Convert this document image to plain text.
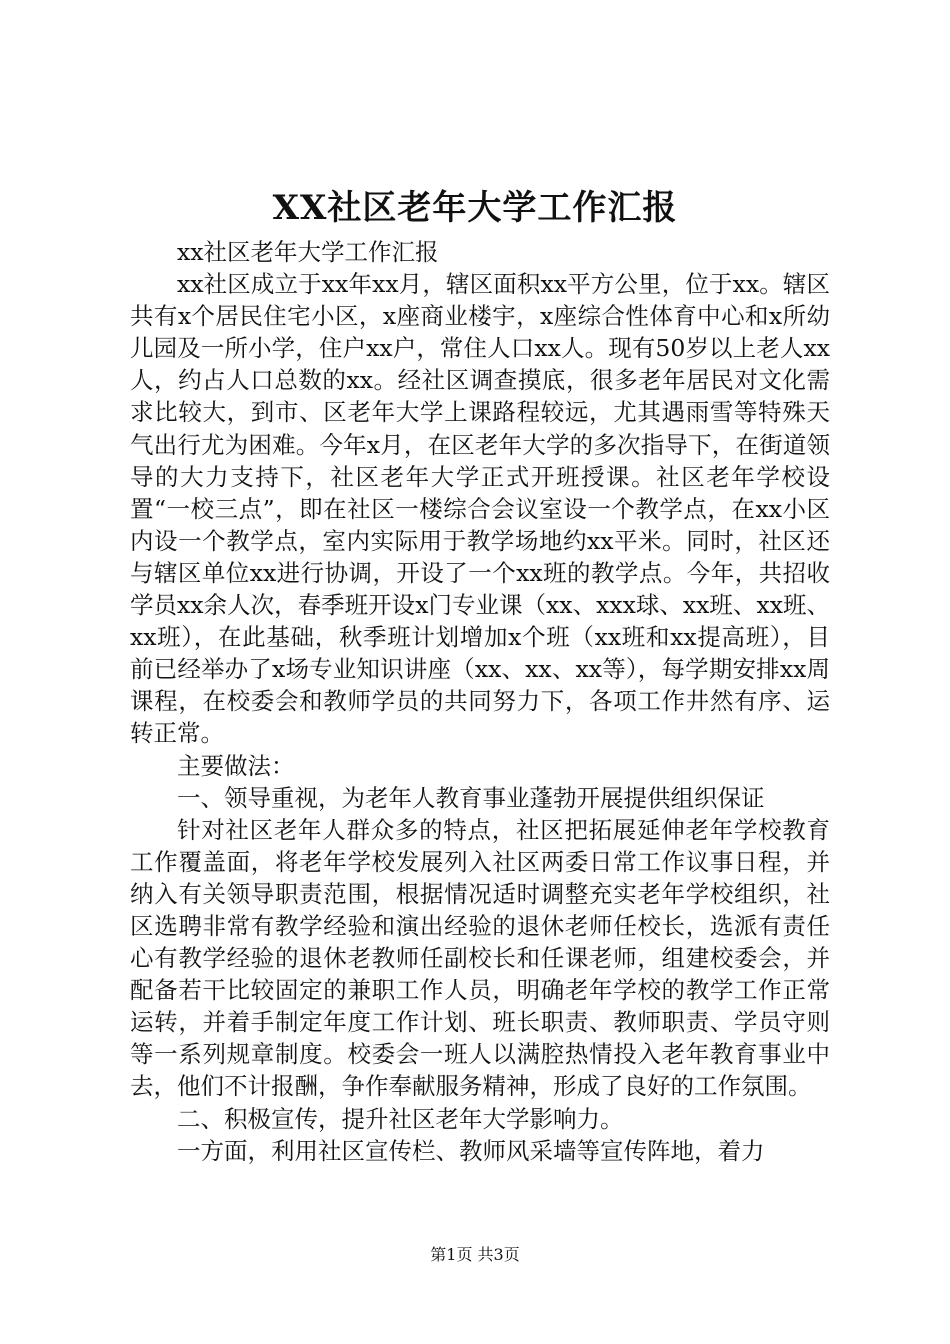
XX社区老年大学工作汇报

xx社区老年大学工作汇报

xx社区成立于xx年xx月，辖区面积xx平方公里，位于xx。辖区共有x个居民住宅小区，x座商业楼宇，x座综合性体育中心和x所幼儿园及一所小学，住户xx户，常住人口xx人。现有50岁以上老人xx人，约占人口总数的xx。经社区调查摸底，很多老年居民对文化需求比较大，到市、区老年大学上课路程较远，尤其遇雨雪等特殊天气出行尤为困难。今年x月，在区老年大学的多次指导下，在街道领导的大力支持下，社区老年大学正式开班授课。社区老年学校设置“一校三点”，即在社区一楼综合会议室设一个教学点，在xx小区内设一个教学点，室内实际用于教学场地约xx平米。同时，社区还与辖区单位xx进行协调，开设了一个xx班的教学点。今年，共招收学员xx余人次，春季班开设x门专业课（xx、xxx球、xx班、xx班、xx班），在此基础，秋季班计划增加x个班（xx班和xx提高班），目前已经举办了x场专业知识讲座（xx、xx、xx等），每学期安排xx周课程，在校委会和教师学员的共同努力下，各项工作井然有序、运转正常。

主要做法：

一、领导重视，为老年人教育事业蓬勃开展提供组织保证

针对社区老年人群众多的特点，社区把拓展延伸老年学校教育工作覆盖面，将老年学校发展列入社区两委日常工作议事日程，并纳入有关领导职责范围，根据情况适时调整充实老年学校组织，社区选聘非常有教学经验和演出经验的退休老师任校长，选派有责任心有教学经验的退休老教师任副校长和任课老师，组建校委会，并配备若干比较固定的兼职工作人员，明确老年学校的教学工作正常运转，并着手制定年度工作计划、班长职责、教师职责、学员守则等一系列规章制度。校委会一班人以满腔热情投入老年教育事业中去，他们不计报酬，争作奉献服务精神，形成了良好的工作氛围。

二、积极宣传，提升社区老年大学影响力。

一方面，利用社区宣传栏、教师风采墙等宣传阵地，着力

第1页 共3页
